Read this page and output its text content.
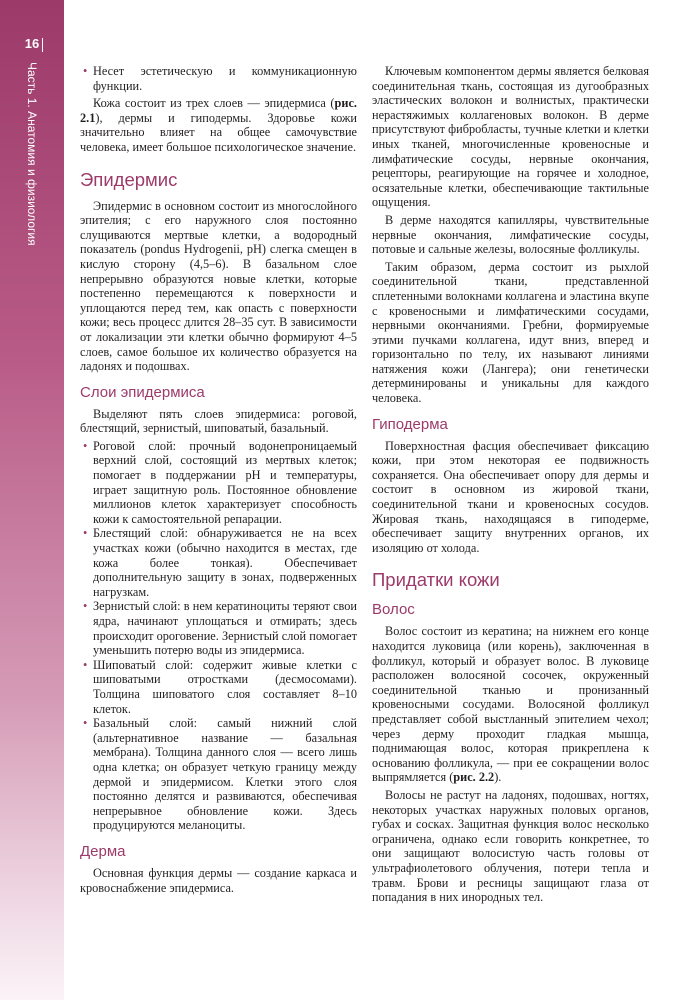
16
Часть 1. Анатомия и физиология
•	Несет эстетическую и коммуникационную функции.

Кожа состоит из трех слоев — эпидермиса (рис. 2.1), дермы и гиподермы. Здоровье кожи значительно влияет на общее самочувствие человека, имеет большое психологическое значение.

Эпидермис

Эпидермис в основном состоит из многослойного эпителия; с его наружного слоя постоянно слущиваются мертвые клетки, а водородный показатель (pondus Hydrogenii, pH) слегка смещен в кислую сторону (4,5–6). В базальном слое непрерывно образуются новые клетки, которые постепенно перемещаются к поверхности и уплощаются перед тем, как опасть с поверхности кожи; весь процесс длится 28–35 сут. В зависимости от локализации эти клетки обычно формируют 4–5 слоев, самое большое их количество образуется на ладонях и подошвах.

Слои эпидермиса

Выделяют пять слоев эпидермиса: роговой, блестящий, зернистый, шиповатый, базальный.

• Роговой слой: прочный водонепроницаемый верхний слой, состоящий из мертвых клеток; помогает в поддержании pH и температуры, играет защитную роль. Постоянное обновление миллионов клеток характеризует способность кожи к самостоятельной репарации.
• Блестящий слой: обнаруживается не на всех участках кожи (обычно находится в местах, где кожа более тонкая). Обеспечивает дополнительную защиту в зонах, подверженных нагрузкам.
• Зернистый слой: в нем кератиноциты теряют свои ядра, начинают уплощаться и отмирать; здесь происходит ороговение. Зернистый слой помогает уменьшить потерю воды из эпидермиса.
• Шиповатый слой: содержит живые клетки с шиповатыми отростками (десмосомами). Толщина шиповатого слоя составляет 8–10 клеток.
• Базальный слой: самый нижний слой (альтернативное название — базальная мембрана). Толщина данного слоя — всего лишь одна клетка; он образует четкую границу между дермой и эпидермисом. Клетки этого слоя постоянно делятся и развиваются, обеспечивая непрерывное обновление кожи. Здесь продуцируются меланоциты.
Дерма

Основная функция дермы — создание каркаса и кровоснабжение эпидермиса.

Ключевым компонентом дермы является белковая соединительная ткань, состоящая из дугообразных эластических волокон и волнистых, практически нерастяжимых коллагеновых волокон. В дерме присутствуют фибробласты, тучные клетки и клетки иных тканей, многочисленные кровеносные и лимфатические сосуды, нервные окончания, рецепторы, реагирующие на горячее и холодное, осязательные клетки, обеспечивающие тактильные ощущения.

В дерме находятся капилляры, чувствительные нервные окончания, лимфатические сосуды, потовые и сальные железы, волосяные фолликулы.

Таким образом, дерма состоит из рыхлой соединительной ткани, представленной сплетенными волокнами коллагена и эластина вкупе с кровеносными и лимфатическими сосудами, нервными окончаниями. Гребни, формируемые этими пучками коллагена, идут вниз, вперед и горизонтально по телу, их называют линиями натяжения кожи (Лангера); они генетически детерминированы и уникальны для каждого человека.

Гиподерма

Поверхностная фасция обеспечивает фиксацию кожи, при этом некоторая ее подвижность сохраняется. Она обеспечивает опору для дермы и состоит в основном из жировой ткани, соединительной ткани и кровеносных сосудов. Жировая ткань, находящаяся в гиподерме, обеспечивает защиту внутренних органов, их изоляцию от холода.

Придатки кожи
Волос

Волос состоит из кератина; на нижнем его конце находится луковица (или корень), заключенная в фолликул, который и образует волос. В луковице расположен волосяной сосочек, окруженный соединительной тканью и пронизанный кровеносными сосудами. Волосяной фолликул представляет собой выстланный эпителием чехол; через дерму проходит гладкая мышца, поднимающая волос, которая прикреплена к основанию фолликула, — при ее сокращении волос выпрямляется (рис. 2.2).

Волосы не растут на ладонях, подошвах, ногтях, некоторых участках наружных половых органов, губах и сосках. Защитная функция волос несколько ограничена, однако если говорить конкретнее, то они защищают волосистую часть головы от ультрафиолетового облучения, потери тепла и травм. Брови и ресницы защищают глаза от попадания в них инородных тел.
